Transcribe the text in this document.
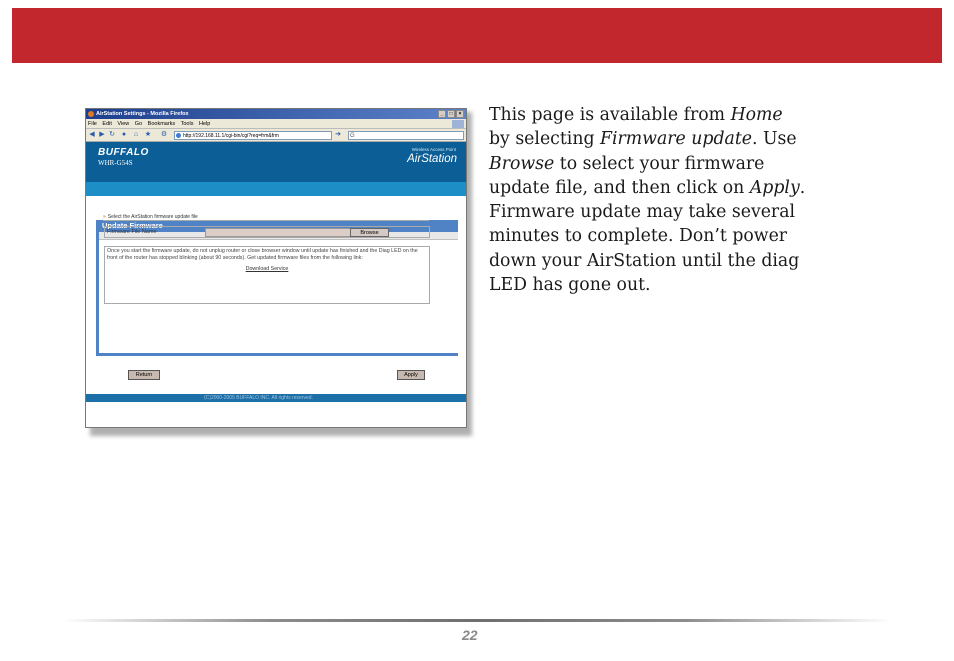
AirStation Settings - Mozilla Firefox	_	□	×
File Edit View Go Bookmarks Tools Help
◀ ▶ ↻ ● ⌂ ★ ⚙	http://192.168.11.1/cgi-bin/cgi?req=frm&frm	➜	G
BUFFALO
WHR-G54S
Wireless Access Point
AirStation
Update Firmware
» Select the AirStation firmware update file
Firmware File Name	Browse
Once you start the firmware update, do not unplug router or close browser window until update has finished and the Diag LED on the front of the router has stopped blinking (about 90 seconds). Get updated firmware files from the following link:
Download Service
Return	Apply
(C)2000-2005 BUFFALO INC. All rights reserved.

This page is available from Home

by selecting Firmware update. Use

Browse to select your firmware

update file, and then click on Apply.

Firmware update may take several

minutes to complete. Don’t power

down your AirStation until the diag

LED has gone out.

22
